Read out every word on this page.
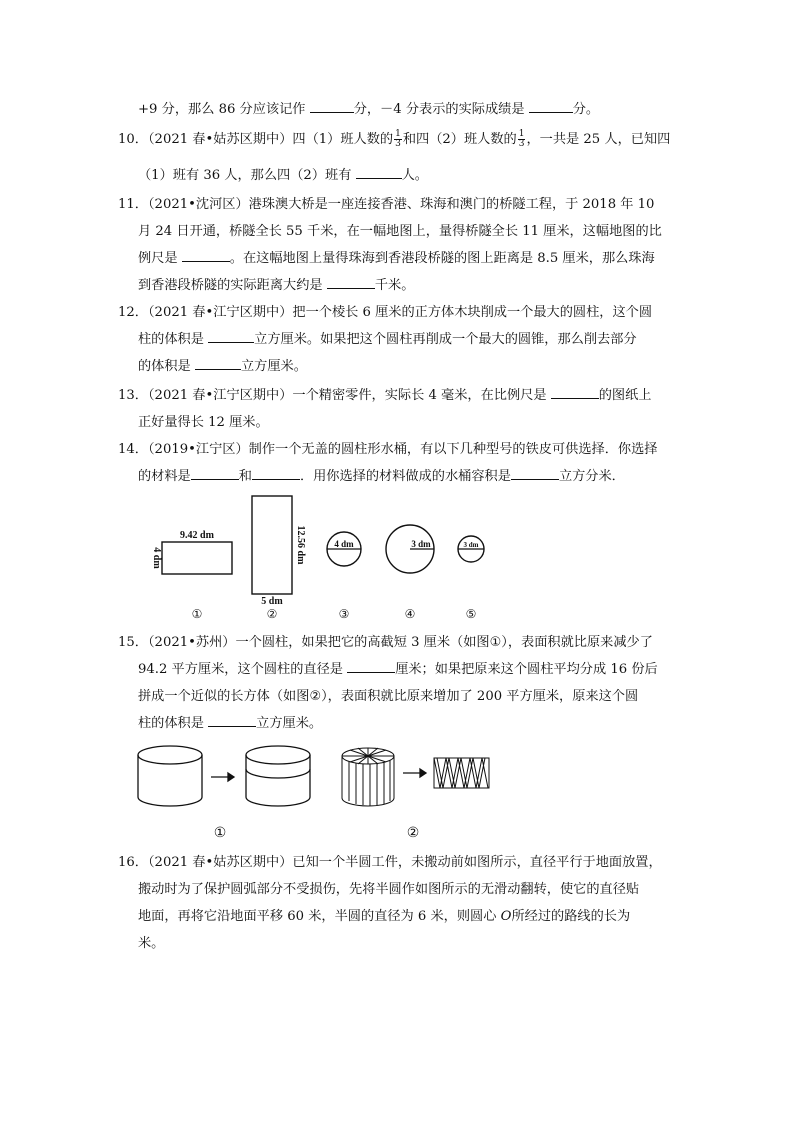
+9 分，那么 86 分应该记作	分，－4 分表示的实际成绩是	分。
10．（2021 春•姑苏区期中）四（1）班人数的 $\frac{1}{3}$ 和四（2）班人数的 $\frac{1}{3}$ ，一共是 25 人，已知四
（1）班有 36 人，那么四（2）班有	人。
11．（2021•沈河区）港珠澳大桥是一座连接香港、珠海和澳门的桥隧工程，于 2018 年 10
月 24 日开通，桥隧全长 55 千米，在一幅地图上，量得桥隧全长 11 厘米，这幅地图的比
例尺是	。在这幅地图上量得珠海到香港段桥隧的图上距离是 8.5 厘米，那么珠海
到香港段桥隧的实际距离大约是	千米。
12．（2021 春•江宁区期中）把一个棱长 6 厘米的正方体木块削成一个最大的圆柱，这个圆
柱的体积是	立方厘米。如果把这个圆柱再削成一个最大的圆锥，那么削去部分
的体积是	立方厘米。
13．（2021 春•江宁区期中）一个精密零件，实际长 4 毫米，在比例尺是	的图纸上
正好量得长 12 厘米。
14．（2019•江宁区）制作一个无盖的圆柱形水桶，有以下几种型号的铁皮可供选择．你选择
的材料是	和	．用你选择的材料做成的水桶容积是	立方分米．
9.42 dm
4 dm	12.56 dm
5 dm
4 dm	3 dm	3 dm
①	②	③	④	⑤
15．（2021•苏州）一个圆柱，如果把它的高截短 3 厘米（如图①），表面积就比原来减少了
94.2 平方厘米，这个圆柱的直径是	厘米；如果把原来这个圆柱平均分成 16 份后
拼成一个近似的长方体（如图②），表面积就比原来增加了 200 平方厘米，原来这个圆
柱的体积是	立方厘米。
①	②
16．（2021 春•姑苏区期中）已知一个半圆工件，未搬动前如图所示，直径平行于地面放置，
搬动时为了保护圆弧部分不受损伤，先将半圆作如图所示的无滑动翻转，使它的直径贴
地面，再将它沿地面平移 60 米，半圆的直径为 6 米，则圆心 O所经过的路线的长为
米。
